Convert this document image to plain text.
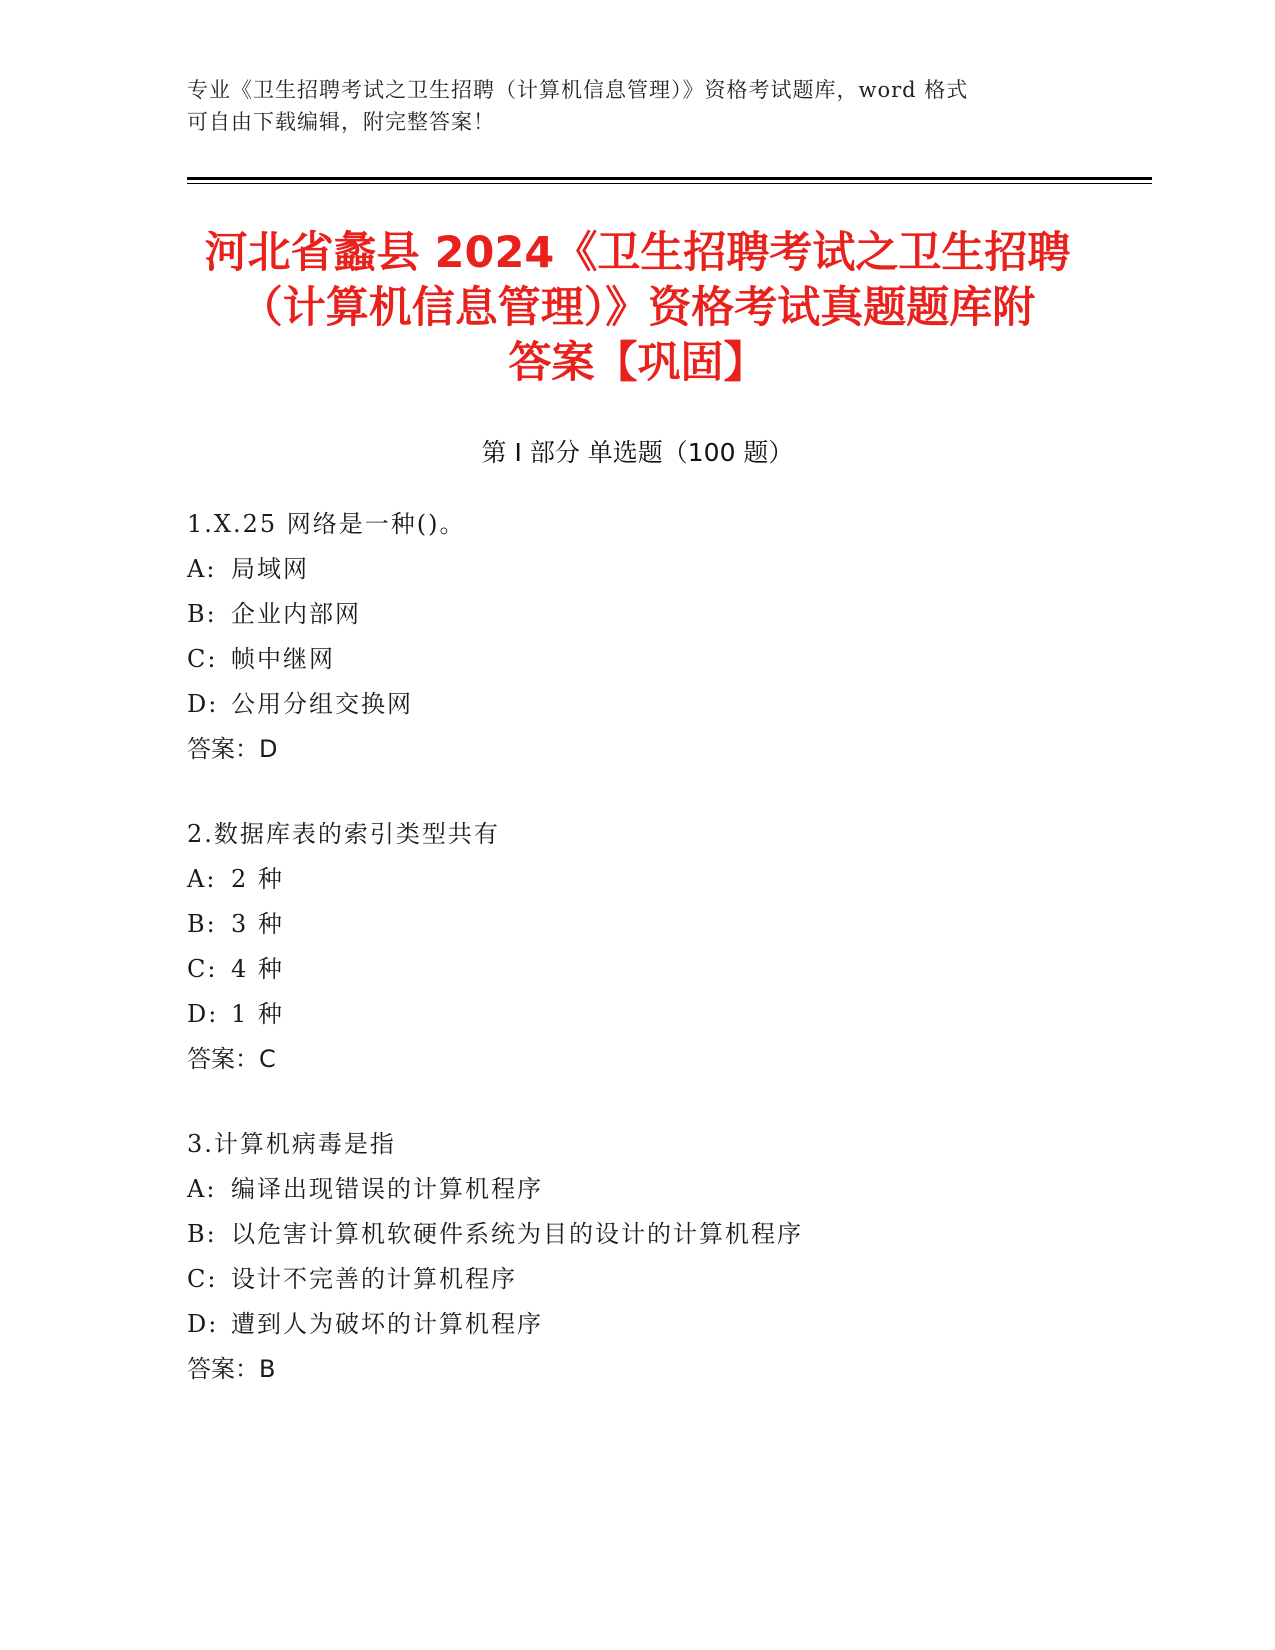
专业《卫生招聘考试之卫生招聘（计算机信息管理）》资格考试题库，word 格式
可自由下载编辑，附完整答案！
河北省蠡县 2024《卫生招聘考试之卫生招聘
（计算机信息管理）》资格考试真题题库附
答案【巩固】
第 I 部分 单选题（100 题）
1.X.25 网络是一种()。
A: 局域网
B: 企业内部网
C: 帧中继网
D: 公用分组交换网
答案：D
2.数据库表的索引类型共有
A: 2 种
B: 3 种
C: 4 种
D: 1 种
答案：C
3.计算机病毒是指
A: 编译出现错误的计算机程序
B: 以危害计算机软硬件系统为目的设计的计算机程序
C: 设计不完善的计算机程序
D: 遭到人为破坏的计算机程序
答案：B
